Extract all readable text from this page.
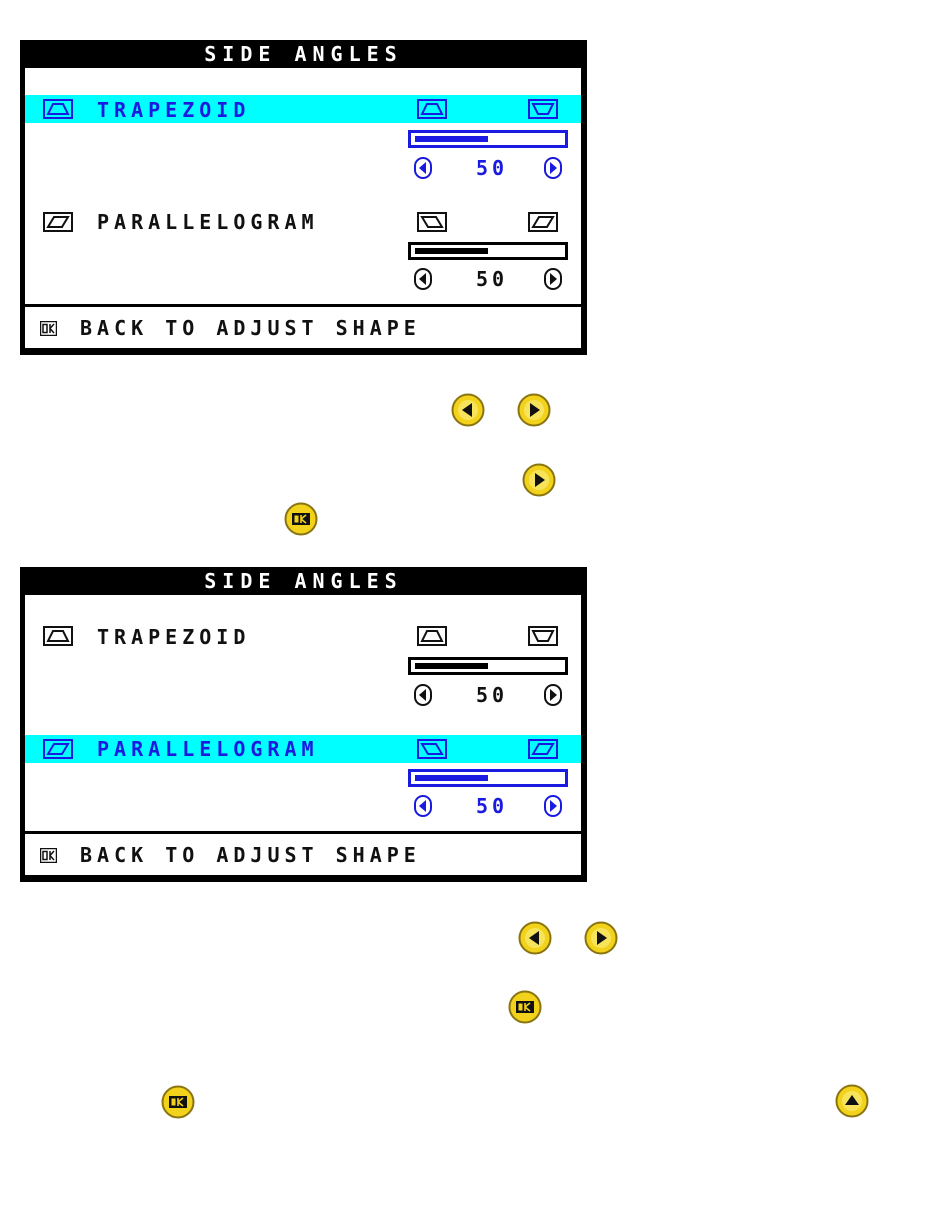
SIDE ANGLES
TRAPEZOID
50
PARALLELOGRAM
50
BACK TO ADJUST SHAPE
SIDE ANGLES
TRAPEZOID
50
PARALLELOGRAM
50
BACK TO ADJUST SHAPE
